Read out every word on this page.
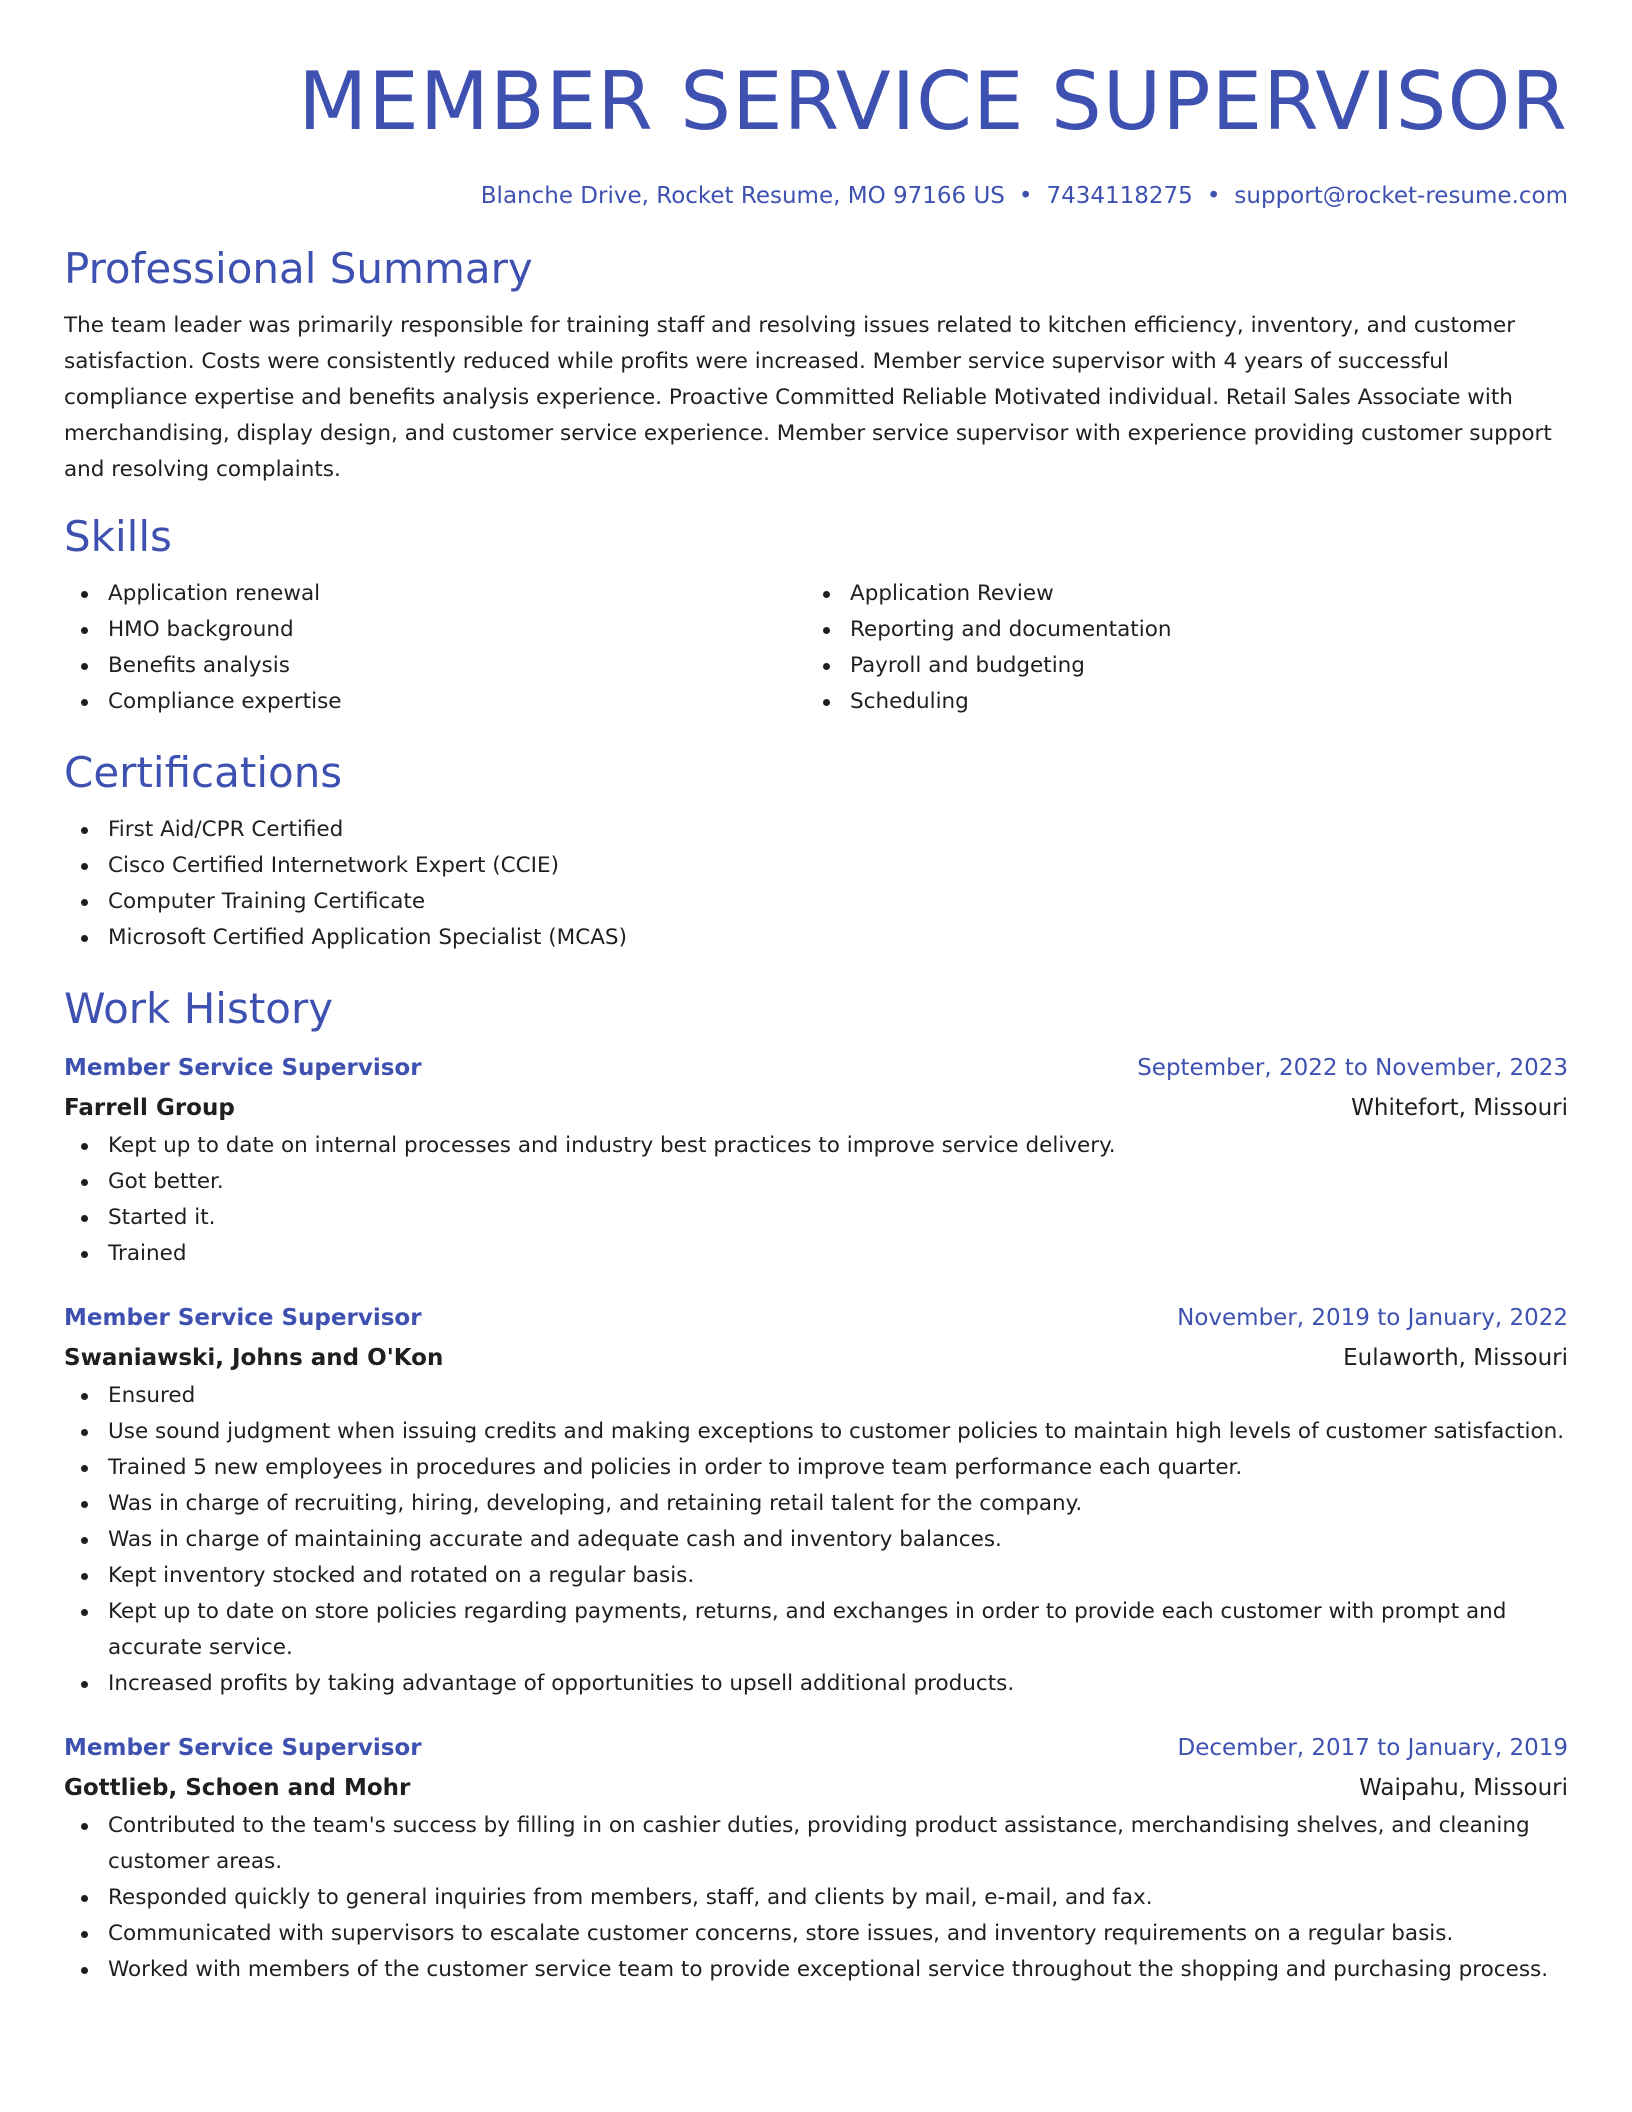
MEMBER SERVICE SUPERVISOR
Blanche Drive, Rocket Resume, MO 97166 US • 7434118275 • support@rocket-resume.com
Professional Summary

The team leader was primarily responsible for training staff and resolving issues related to kitchen efficiency, inventory, and customer satisfaction. Costs were consistently reduced while profits were increased. Member service supervisor with 4 years of successful compliance expertise and benefits analysis experience. Proactive Committed Reliable Motivated individual. Retail Sales Associate with merchandising, display design, and customer service experience. Member service supervisor with experience providing customer support and resolving complaints.

Skills
Application renewal
HMO background
Benefits analysis
Compliance expertise
Application Review
Reporting and documentation
Payroll and budgeting
Scheduling
Certifications
First Aid/CPR Certified
Cisco Certified Internetwork Expert (CCIE)
Computer Training Certificate
Microsoft Certified Application Specialist (MCAS)
Work History
Member Service Supervisor	September, 2022 to November, 2023
Farrell Group	Whitefort, Missouri
Kept up to date on internal processes and industry best practices to improve service delivery.
Got better.
Started it.
Trained
Member Service Supervisor	November, 2019 to January, 2022
Swaniawski, Johns and O'Kon	Eulaworth, Missouri
Ensured
Use sound judgment when issuing credits and making exceptions to customer policies to maintain high levels of customer satisfaction.
Trained 5 new employees in procedures and policies in order to improve team performance each quarter.
Was in charge of recruiting, hiring, developing, and retaining retail talent for the company.
Was in charge of maintaining accurate and adequate cash and inventory balances.
Kept inventory stocked and rotated on a regular basis.
Kept up to date on store policies regarding payments, returns, and exchanges in order to provide each customer with prompt and accurate service.
Increased profits by taking advantage of opportunities to upsell additional products.
Member Service Supervisor	December, 2017 to January, 2019
Gottlieb, Schoen and Mohr	Waipahu, Missouri
Contributed to the team's success by filling in on cashier duties, providing product assistance, merchandising shelves, and cleaning customer areas.
Responded quickly to general inquiries from members, staff, and clients by mail, e-mail, and fax.
Communicated with supervisors to escalate customer concerns, store issues, and inventory requirements on a regular basis.
Worked with members of the customer service team to provide exceptional service throughout the shopping and purchasing process.
